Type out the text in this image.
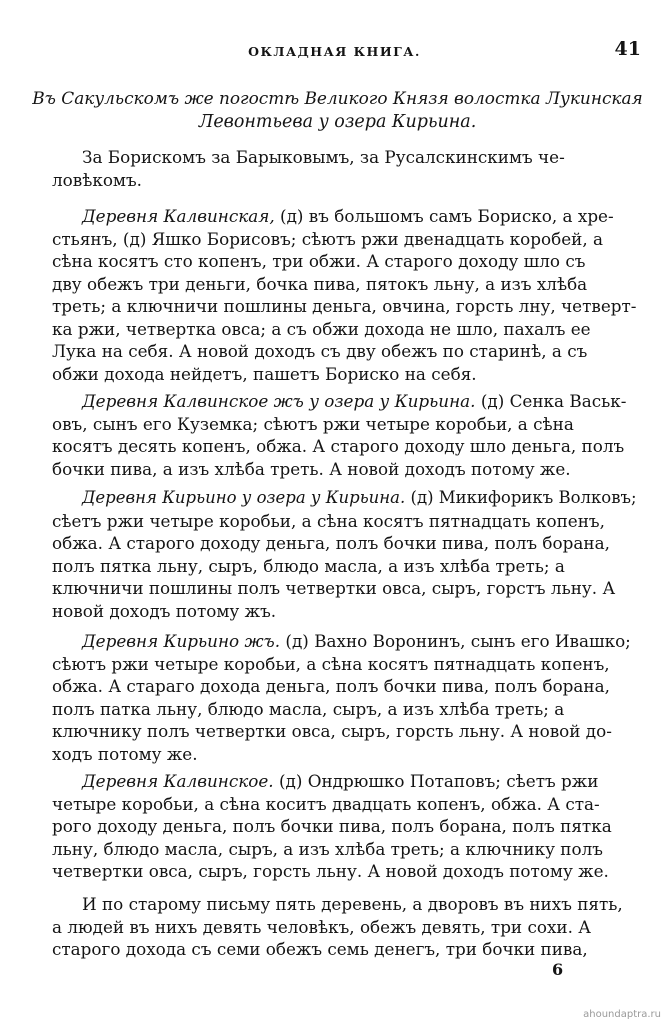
ОКЛАДНАЯ КНИГА.	41
Въ Сакульскомъ же погостѣ Великого Князя волостка Лукинская
Левонтьева у озера Кирьина.
За Борискомъ за Барыковымъ, за Русалскинскимъ че-
ловѣкомъ.
Деревня Калвинская, (д) въ большомъ самъ Бориско, а хре-
стьянъ, (д) Яшко Борисовъ; сѣютъ ржи двенадцать коробей, а
сѣна косятъ сто копенъ, три обжи. А старого доходу шло съ
дву обежъ три деньги, бочка пива, пятокъ льну, а изъ хлѣба
треть; а ключничи пошлины деньга, овчина, горсть лну, четверт-
ка ржи, четвертка овса; а съ обжи дохода не шло, пахалъ ее
Лука на себя. А новой доходъ съ дву обежъ по старинѣ, а съ
обжи дохода нейдетъ, пашетъ Бориско на себя.
Деревня Калвинское жъ у озера у Кирьина. (д) Сенка Васьк-
овъ, сынъ его Куземка; сѣютъ ржи четыре коробьи, а сѣна
косятъ десять копенъ, обжа. А старого доходу шло деньга, полъ
бочки пива, а изъ хлѣба треть. А новой доходъ потому же.
Деревня Кирьино у озера у Кирьина. (д) Микифорикъ Волковъ;
сѣетъ ржи четыре коробьи, а сѣна косятъ пятнадцать копенъ,
обжа. А старого доходу деньга, полъ бочки пива, полъ борана,
полъ пятка льну, сыръ, блюдо масла, а изъ хлѣба треть; а
ключничи пошлины полъ четвертки овса, сыръ, горстъ льну. А
новой доходъ потому жъ.
Деревня Кирьино жъ. (д) Вахно Воронинъ, сынъ его Ивашко;
сѣютъ ржи четыре коробьи, а сѣна косятъ пятнадцать копенъ,
обжа. А стараго дохода деньга, полъ бочки пива, полъ борана,
полъ патка льну, блюдо масла, сыръ, а изъ хлѣба треть; а
ключнику полъ четвертки овса, сыръ, горсть льну. А новой до-
ходъ потому же.
Деревня Калвинское. (д) Ондрюшко Потаповъ; сѣетъ ржи
четыре коробьи, а сѣна коситъ двадцать копенъ, обжа. А ста-
рого доходу деньга, полъ бочки пива, полъ борана, полъ пятка
льну, блюдо масла, сыръ, а изъ хлѣба треть; а ключнику полъ
четвертки овса, сыръ, горсть льну. А новой доходъ потому же.
И по старому письму пять деревень, а дворовъ въ нихъ пять,
а людей въ нихъ девять человѣкъ, обежъ девять, три сохи. А
старого дохода съ семи обежъ семь денегъ, три бочки пива,
6
ahoundaptra.ru
